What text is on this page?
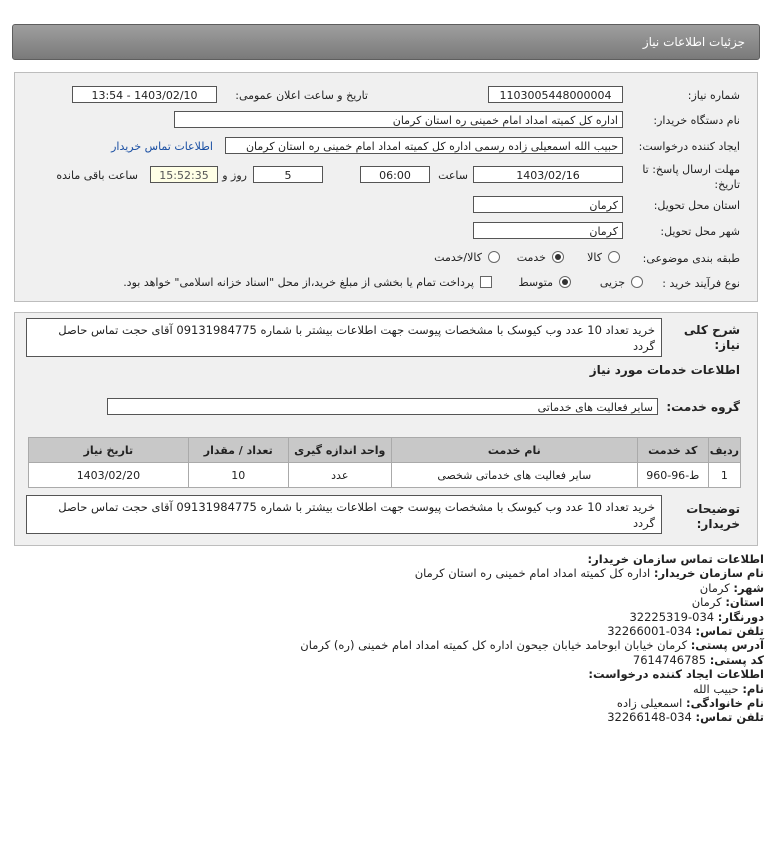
جزئیات اطلاعات نیاز
شماره نیاز:
1103005448000004
تاریخ و ساعت اعلان عمومی:
1403/02/10 - 13:54
نام دستگاه خریدار:
اداره کل کمیته امداد امام خمینی ره استان کرمان
ایجاد کننده درخواست:
حبیب الله اسمعیلی زاده رسمی اداره کل کمیته امداد امام خمینی ره استان کرمان
اطلاعات تماس خریدار
مهلت ارسال پاسخ: تا
تاریخ:
1403/02/16
ساعت
06:00
5
روز و
15:52:35
ساعت باقی مانده
استان محل تحویل:
کرمان
شهر محل تحویل:
کرمان
طبقه بندی موضوعی:
کالا
خدمت
کالا/خدمت
نوع فرآیند خرید :
جزیی
متوسط
پرداخت تمام یا بخشی از مبلغ خرید،از محل "اسناد خزانه اسلامی" خواهد بود.
شرح کلی
نیاز:
خرید تعداد 10 عدد وب کیوسک با مشخصات پیوست جهت اطلاعات بیشتر با شماره 09131984775 آقای حجت تماس حاصل گردد
اطلاعات خدمات مورد نیاز
گروه خدمت:
سایر فعالیت های خدماتی
ردیف	کد خدمت	نام خدمت	واحد اندازه گیری	تعداد / مقدار	تاریخ نیاز
1	ط-96-960	سایر فعالیت های خدماتی شخصی	عدد	10	1403/02/20
توضیحات
خریدار:
خرید تعداد 10 عدد وب کیوسک با مشخصات پیوست جهت اطلاعات بیشتر با شماره 09131984775 آقای حجت تماس حاصل گردد
اطلاعات تماس سازمان خریدار:
نام سازمان خریدار: اداره کل کمیته امداد امام خمینی ره استان کرمان
شهر: کرمان
استان: کرمان
دورنگار: 034-32225319
تلفن تماس: 034-32266001
آدرس پستی: کرمان خیابان ابوحامد خیابان جیحون اداره کل کمیته امداد امام خمینی (ره) کرمان
کد پستی: 7614746785
اطلاعات ایجاد کننده درخواست:
نام: حبیب الله
نام خانوادگی: اسمعیلی زاده
تلفن تماس: 034-32266148
